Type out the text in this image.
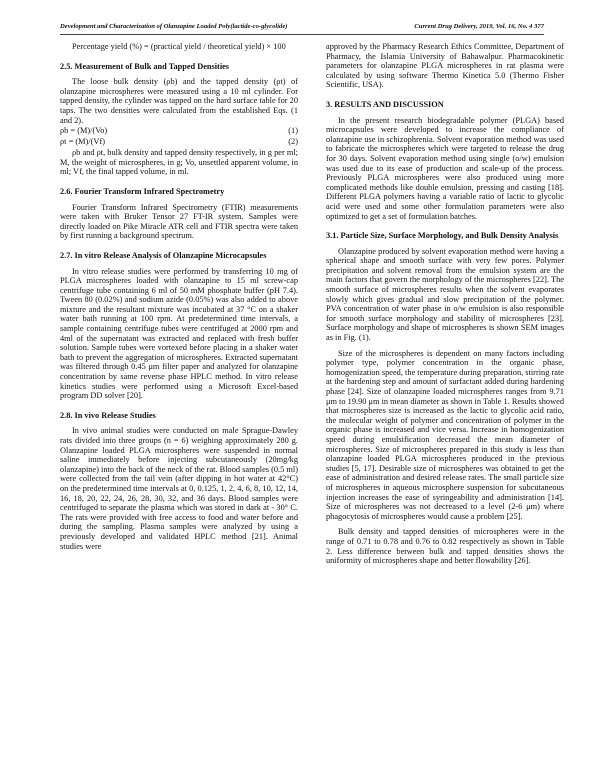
Development and Characterization of Olanzapine Loaded Poly(lactide-co-glycolide)	Current Drug Delivery, 2019, Vol. 16, No. 4 377

Percentage yield (%) = (practical yield / theoretical yield) × 100

2.5. Measurement of Bulk and Tapped Densities

The loose bulk density (ρb) and the tapped density (ρt) of olanzapine microspheres were measured using a 10 ml cylinder. For tapped density, the cylinder was tapped on the hard surface table for 20 taps. The two densities were calculated from the established Eqs. (1 and 2).

ρb = (M)/(Vo)	(1)
ρt = (M)/(Vf)	(2)

ρb and ρt, bulk density and tapped density respectively, in g per ml; M, the weight of microspheres, in g; Vo, unsettled apparent volume, in ml; Vf, the final tapped volume, in ml.

2.6. Fourier Transform Infrared Spectrometry

Fourier Transform Infrared Spectrometry (FTIR) measurements were taken with Bruker Tensor 27 FT-IR system. Samples were directly loaded on Pike Miracle ATR cell and FTIR spectra were taken by first running a background spectrum.

2.7. In vitro Release Analysis of Olanzapine Microcapsules

In vitro release studies were performed by transferring 10 mg of PLGA microspheres loaded with olanzapine to 15 ml screw-cap centrifuge tube containing 6 ml of 50 mM phosphate buffer (pH 7.4). Tween 80 (0.02%) and sodium azide (0.05%) was also added to above mixture and the resultant mixture was incubated at 37 °C on a shaker water bath running at 100 rpm. At predetermined time intervals, a sample containing centrifuge tubes were centrifuged at 2000 rpm and 4ml of the supernatant was extracted and replaced with fresh buffer solution. Sample tubes were vortexed before placing in a shaker water bath to prevent the aggregation of microspheres. Extracted supernatant was filtered through 0.45 μm filter paper and analyzed for olanzapine concentration by same reverse phase HPLC method. In vitro release kinetics studies were performed using a Microsoft Excel-based program DD solver [20].

2.8. In vivo Release Studies

In vivo animal studies were conducted on male Sprague-Dawley rats divided into three groups (n = 6) weighing approximately 280 g. Olanzapine loaded PLGA microspheres were suspended in normal saline immediately before injecting subcutaneously (20mg/kg olanzapine) into the back of the neck of the rat. Blood samples (0.5 ml) were collected from the tail vein (after dipping in hot water at 42°C) on the predetermined time intervals at 0, 0.125, 1, 2, 4, 6, 8, 10, 12, 14, 16, 18, 20, 22, 24, 26, 28, 30, 32, and 36 days. Blood samples were centrifuged to separate the plasma which was stored in dark at - 30° C. The rats were provided with free access to food and water before and during the sampling. Plasma samples were analyzed by using a previously developed and validated HPLC method [21]. Animal studies were

approved by the Pharmacy Research Ethics Committee, Department of Pharmacy, the Islamia University of Bahawalpur. Pharmacokinetic parameters for olanzapine PLGA microspheres in rat plasma were calculated by using software Thermo Kinetica 5.0 (Thermo Fisher Scientific, USA).

3. RESULTS AND DISCUSSION

In the present research biodegradable polymer (PLGA) based microcapsules were developed to increase the compliance of olanzapine use in schizophrenia. Solvent evaporation method was used to fabricate the microspheres which were targeted to release the drug for 30 days. Solvent evaporation method using single (o/w) emulsion was used due to its ease of production and scale-up of the process. Previously PLGA microspheres were also produced using more complicated methods like double emulsion, pressing and casting [18]. Different PLGA polymers having a variable ratio of lactic to glycolic acid were used and some other formulation parameters were also optimized to get a set of formulation batches.

3.1. Particle Size, Surface Morphology, and Bulk Density Analysis

Olanzapine produced by solvent evaporation method were having a spherical shape and smooth surface with very few pores. Polymer precipitation and solvent removal from the emulsion system are the main factors that govern the morphology of the microspheres [22]. The smooth surface of microspheres results when the solvent evaporates slowly which gives gradual and slow precipitation of the polymer. PVA concentration of water phase in o/w emulsion is also responsible for smooth surface morphology and stability of microspheres [23]. Surface morphology and shape of microspheres is shown SEM images as in Fig. (1).

Size of the microspheres is dependent on many factors including polymer type, polymer concentration in the organic phase, homogenization speed, the temperature during preparation, stirring rate at the hardening step and amount of surfactant added during hardening phase [24]. Size of olanzapine loaded microspheres ranges from 9.71 μm to 19.90 μm in mean diameter as shown in Table 1. Results showed that microspheres size is increased as the lactic to glycolic acid ratio, the molecular weight of polymer and concentration of polymer in the organic phase is increased and vice versa. Increase in homogenization speed during emulsification decreased the mean diameter of microspheres. Size of microspheres prepared in this study is less than olanzapine loaded PLGA microspheres produced in the previous studies [5, 17]. Desirable size of microspheres was obtained to get the ease of administration and desired release rates. The small particle size of microspheres in aqueous microsphere suspension for subcutaneous injection increases the ease of syringeability and administration [14]. Size of microspheres was not decreased to a level (2-6 μm) where phagocytosis of microspheres would cause a problem [25].

Bulk density and tapped densities of microspheres were in the range of 0.71 to 0.78 and 0.76 to 0.82 respectively as shown in Table 2. Less difference between bulk and tapped densities shows the uniformity of microspheres shape and better flowability [26].
